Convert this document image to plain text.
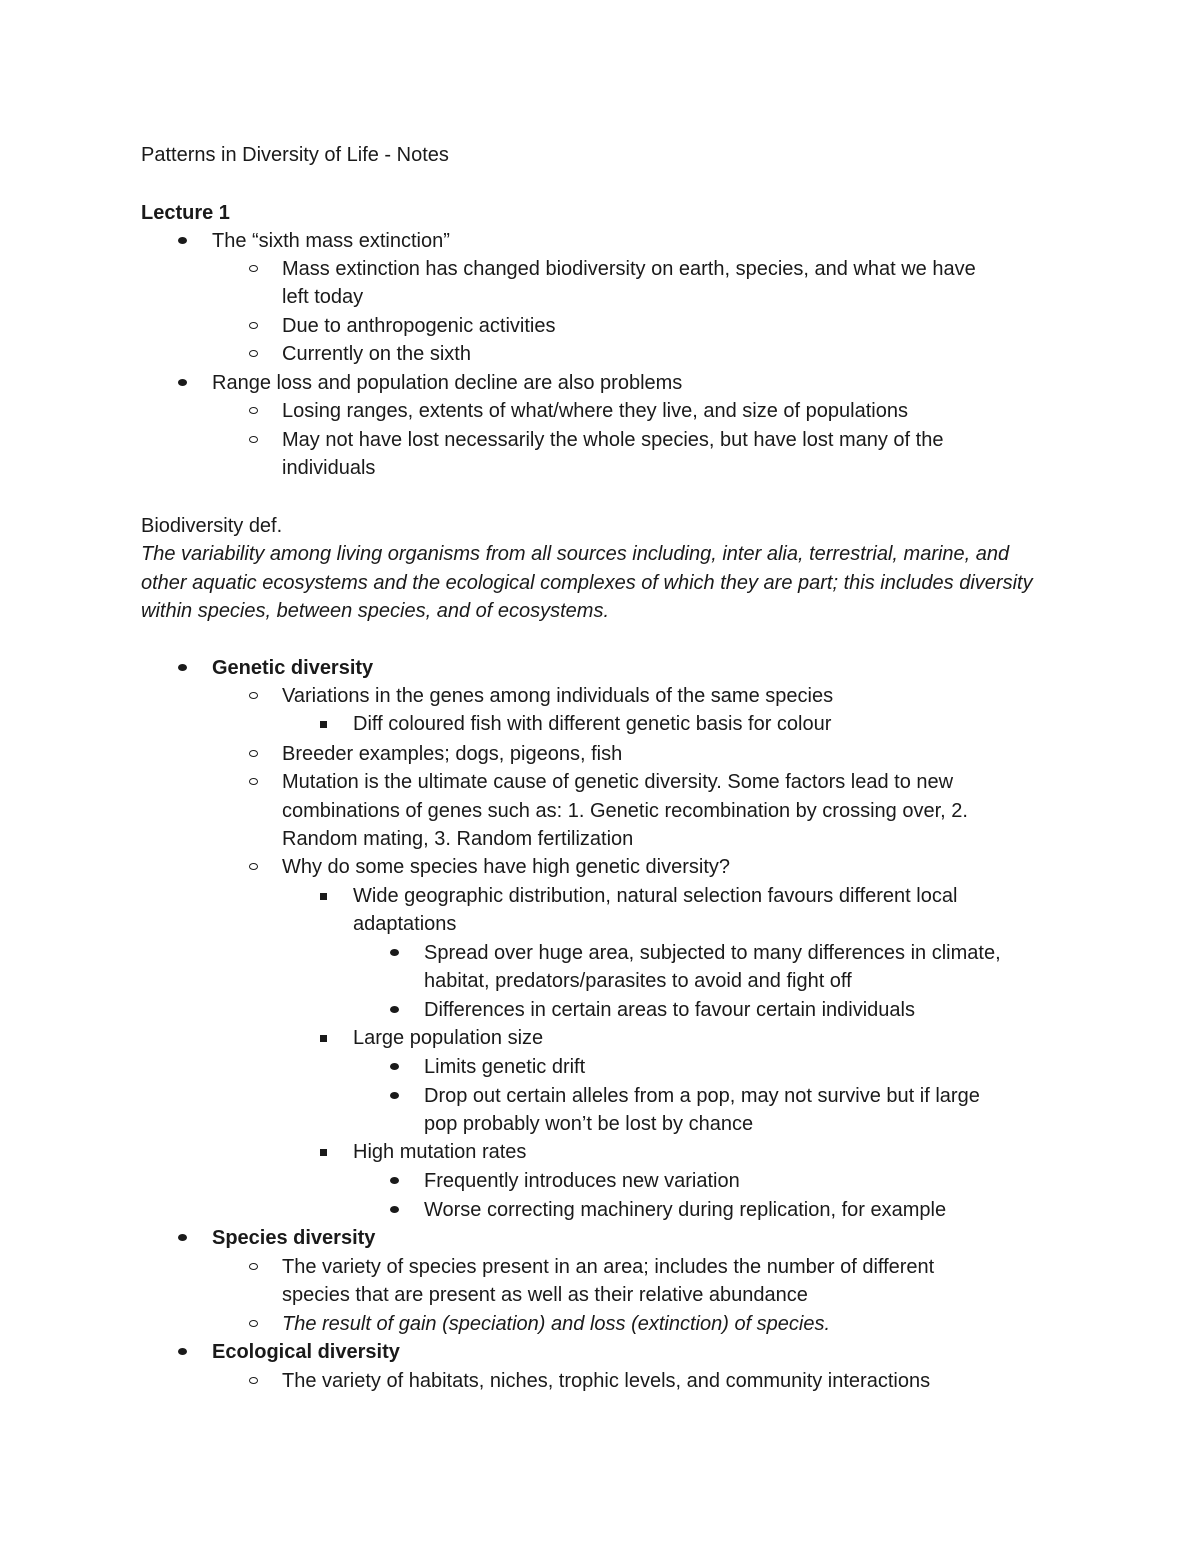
Patterns in Diversity of Life - Notes
Lecture 1
The “sixth mass extinction”
Mass extinction has changed biodiversity on earth, species, and what we have
left today
Due to anthropogenic activities
Currently on the sixth
Range loss and population decline are also problems
Losing ranges, extents of what/where they live, and size of populations
May not have lost necessarily the whole species, but have lost many of the
individuals
Biodiversity def.
The variability among living organisms from all sources including, inter alia, terrestrial, marine, and other aquatic ecosystems and the ecological complexes of which they are part; this includes diversity within species, between species, and of ecosystems.
Genetic diversity
Variations in the genes among individuals of the same species
Diff coloured fish with different genetic basis for colour
Breeder examples; dogs, pigeons, fish
Mutation is the ultimate cause of genetic diversity. Some factors lead to new
combinations of genes such as: 1. Genetic recombination by crossing over, 2.
Random mating, 3. Random fertilization
Why do some species have high genetic diversity?
Wide geographic distribution, natural selection favours different local
adaptations
Spread over huge area, subjected to many differences in climate,
habitat, predators/parasites to avoid and fight off
Differences in certain areas to favour certain individuals
Large population size
Limits genetic drift
Drop out certain alleles from a pop, may not survive but if large
pop probably won’t be lost by chance
High mutation rates
Frequently introduces new variation
Worse correcting machinery during replication, for example
Species diversity
The variety of species present in an area; includes the number of different
species that are present as well as their relative abundance
The result of gain (speciation) and loss (extinction) of species.
Ecological diversity
The variety of habitats, niches, trophic levels, and community interactions
